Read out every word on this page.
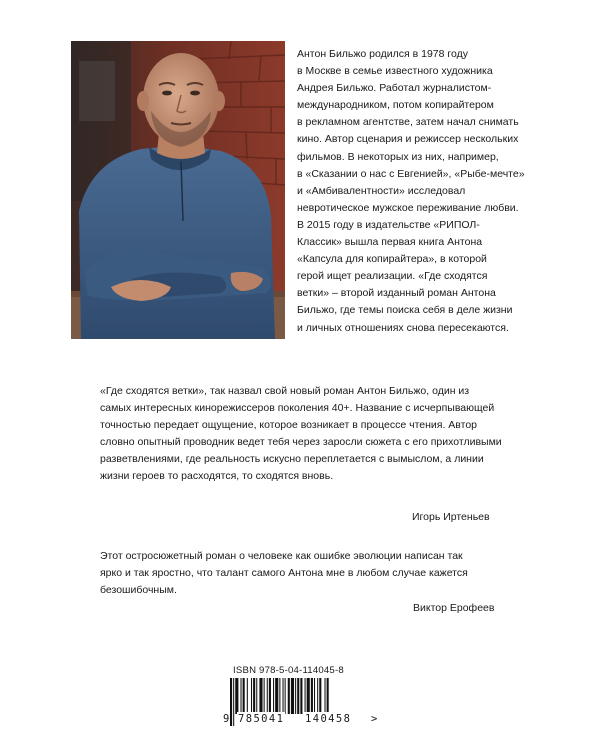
Антон Бильжо родился в 1978 году
в Москве в семье известного художника
Андрея Бильжо. Работал журналистом-
международником, потом копирайтером
в рекламном агентстве, затем начал снимать
кино. Автор сценария и режиссер нескольких
фильмов. В некоторых из них, например,
в «Сказании о нас с Евгенией», «Рыбе-мечте»
и «Амбивалентности» исследовал
невротическое мужское переживание любви.
В 2015 году в издательстве «РИПОЛ-
Классик» вышла первая книга Антона
«Капсула для копирайтера», в которой
герой ищет реализации. «Где сходятся
ветки» – второй изданный роман Антона
Бильжо, где темы поиска себя в деле жизни
и личных отношениях снова пересекаются.

«Где сходятся ветки», так назвал свой новый роман Антон Бильжо, один из
самых интересных кинорежиссеров поколения 40+. Название с исчерпывающей
точностью передает ощущение, которое возникает в процессе чтения. Автор
словно опытный проводник ведет тебя через заросли сюжета с его прихотливыми
разветвлениями, где реальность искусно переплетается с вымыслом, а линии
жизни героев то расходятся, то сходятся вновь.

Игорь Иртеньев

Этот остросюжетный роман о человеке как ошибке эволюции написан так
ярко и так яростно, что талант самого Антона мне в любом случае кажется
безошибочным.

Виктор Ерофеев
ISBN 978-5-04-114045-8
9 785041 140458 >
